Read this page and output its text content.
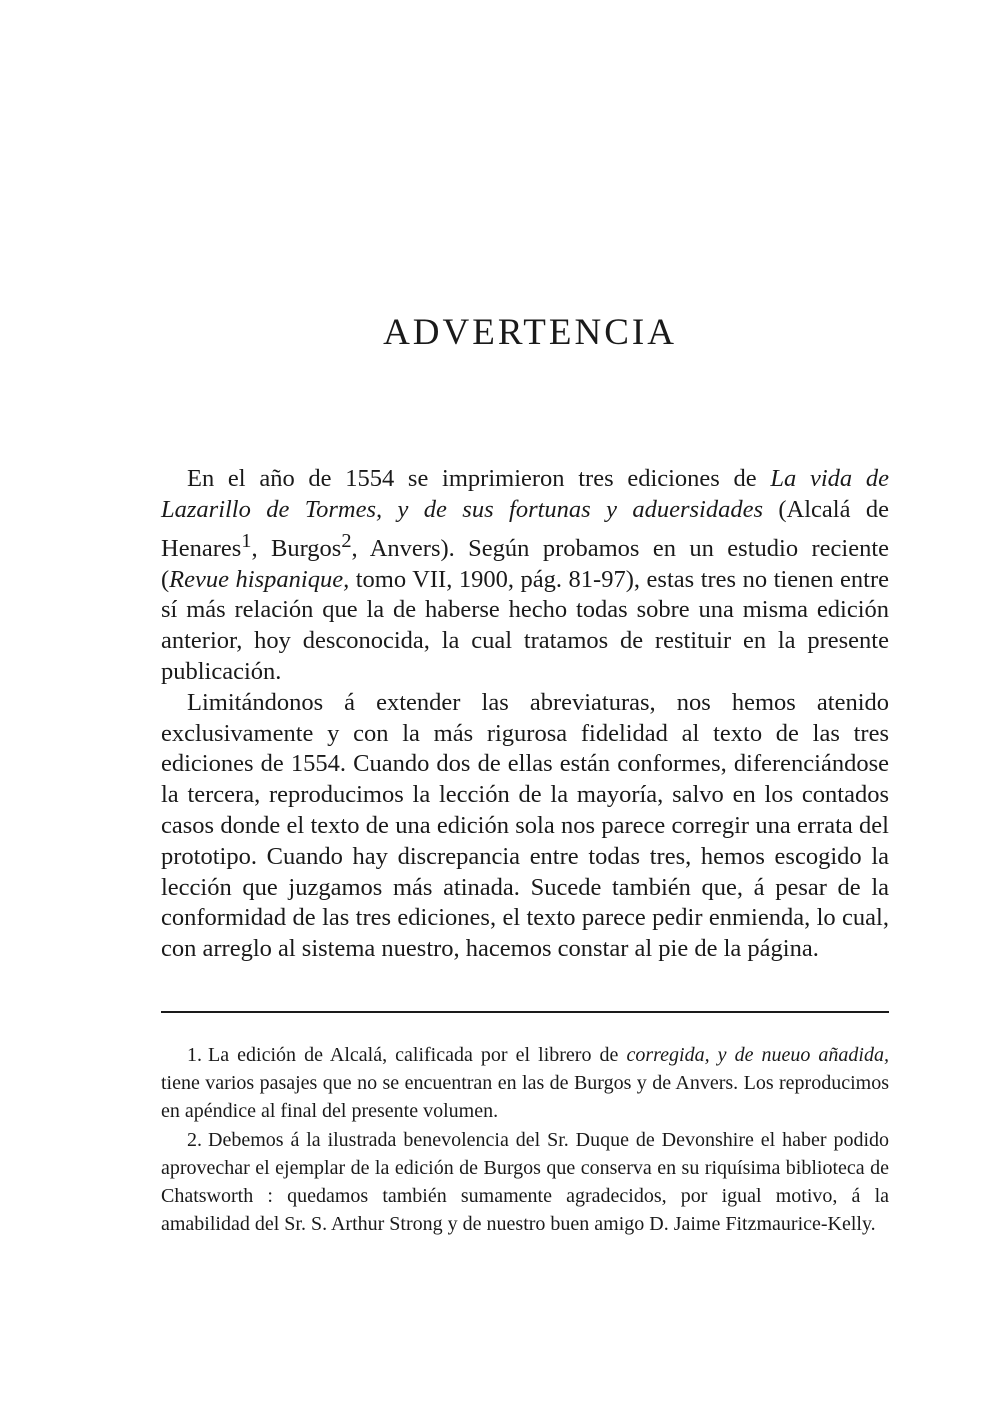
ADVERTENCIA

En el año de 1554 se imprimieron tres ediciones de La vida de Lazarillo de Tormes, y de sus fortunas y aduersidades (Alcalá de Henares$^1$, Burgos$^2$, Anvers). Según probamos en un estudio reciente (Revue hispanique, tomo VII, 1900, pág. 81-97), estas tres no tienen entre sí más relación que la de haberse hecho todas sobre una misma edición anterior, hoy desconocida, la cual tratamos de restituir en la presente publicación.

Limitándonos á extender las abreviaturas, nos hemos atenido exclusivamente y con la más rigurosa fidelidad al texto de las tres ediciones de 1554. Cuando dos de ellas están conformes, diferenciándose la tercera, reproducimos la lección de la mayoría, salvo en los contados casos donde el texto de una edición sola nos parece corregir una errata del prototipo. Cuando hay discrepancia entre todas tres, hemos escogido la lección que juzgamos más atinada. Sucede también que, á pesar de la conformidad de las tres ediciones, el texto parece pedir enmienda, lo cual, con arreglo al sistema nuestro, hacemos constar al pie de la página.

1. La edición de Alcalá, calificada por el librero de corregida, y de nueuo añadida, tiene varios pasajes que no se encuentran en las de Burgos y de Anvers. Los reproducimos en apéndice al final del presente volumen.

2. Debemos á la ilustrada benevolencia del Sr. Duque de Devonshire el haber podido aprovechar el ejemplar de la edición de Burgos que conserva en su riquísima biblioteca de Chatsworth : quedamos también sumamente agradecidos, por igual motivo, á la amabilidad del Sr. S. Arthur Strong y de nuestro buen amigo D. Jaime Fitzmaurice-Kelly.
